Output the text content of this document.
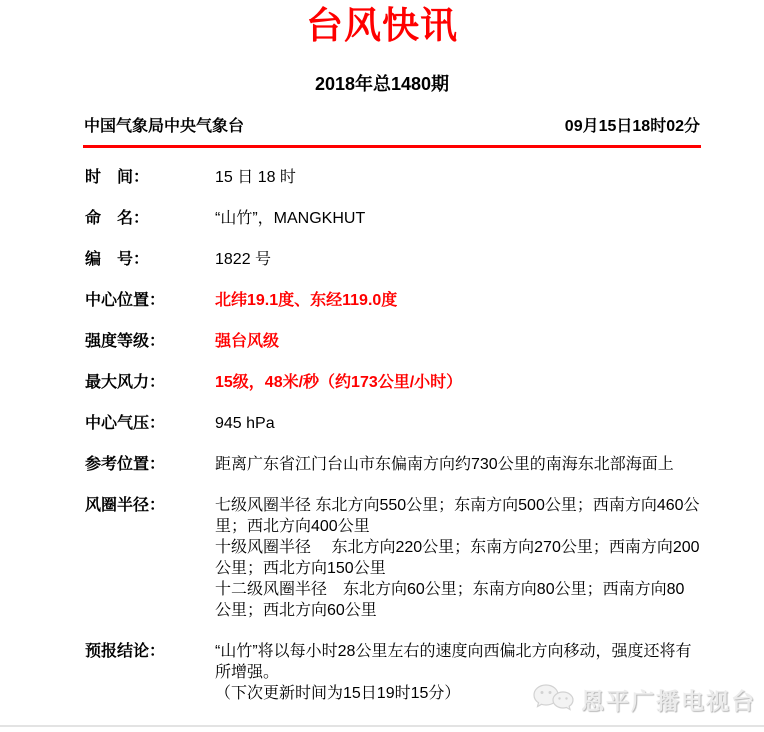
台风快讯
2018年总1480期
中国气象局中央气象台	09月15日18时02分
时　间：	15 日 18 时
命　名：	“山竹”，MANGKHUT
编　号：	1822 号
中心位置：	北纬19.1度、东经119.0度
强度等级：	强台风级
最大风力：	15级，48米/秒（约173公里/小时）
中心气压：	945 hPa
参考位置：	距离广东省江门台山市东偏南方向约730公里的南海东北部海面上
风圈半径：	七级风圈半径 东北方向550公里；东南方向500公里；西南方向460公里；西北方向400公里
十级风圈半径　 东北方向220公里；东南方向270公里；西南方向200公里；西北方向150公里
十二级风圈半径　东北方向60公里；东南方向80公里；西南方向80公里；西北方向60公里
预报结论：	“山竹”将以每小时28公里左右的速度向西偏北方向移动，强度还将有所增强。
（下次更新时间为15日19时15分）	恩平广播电视台
